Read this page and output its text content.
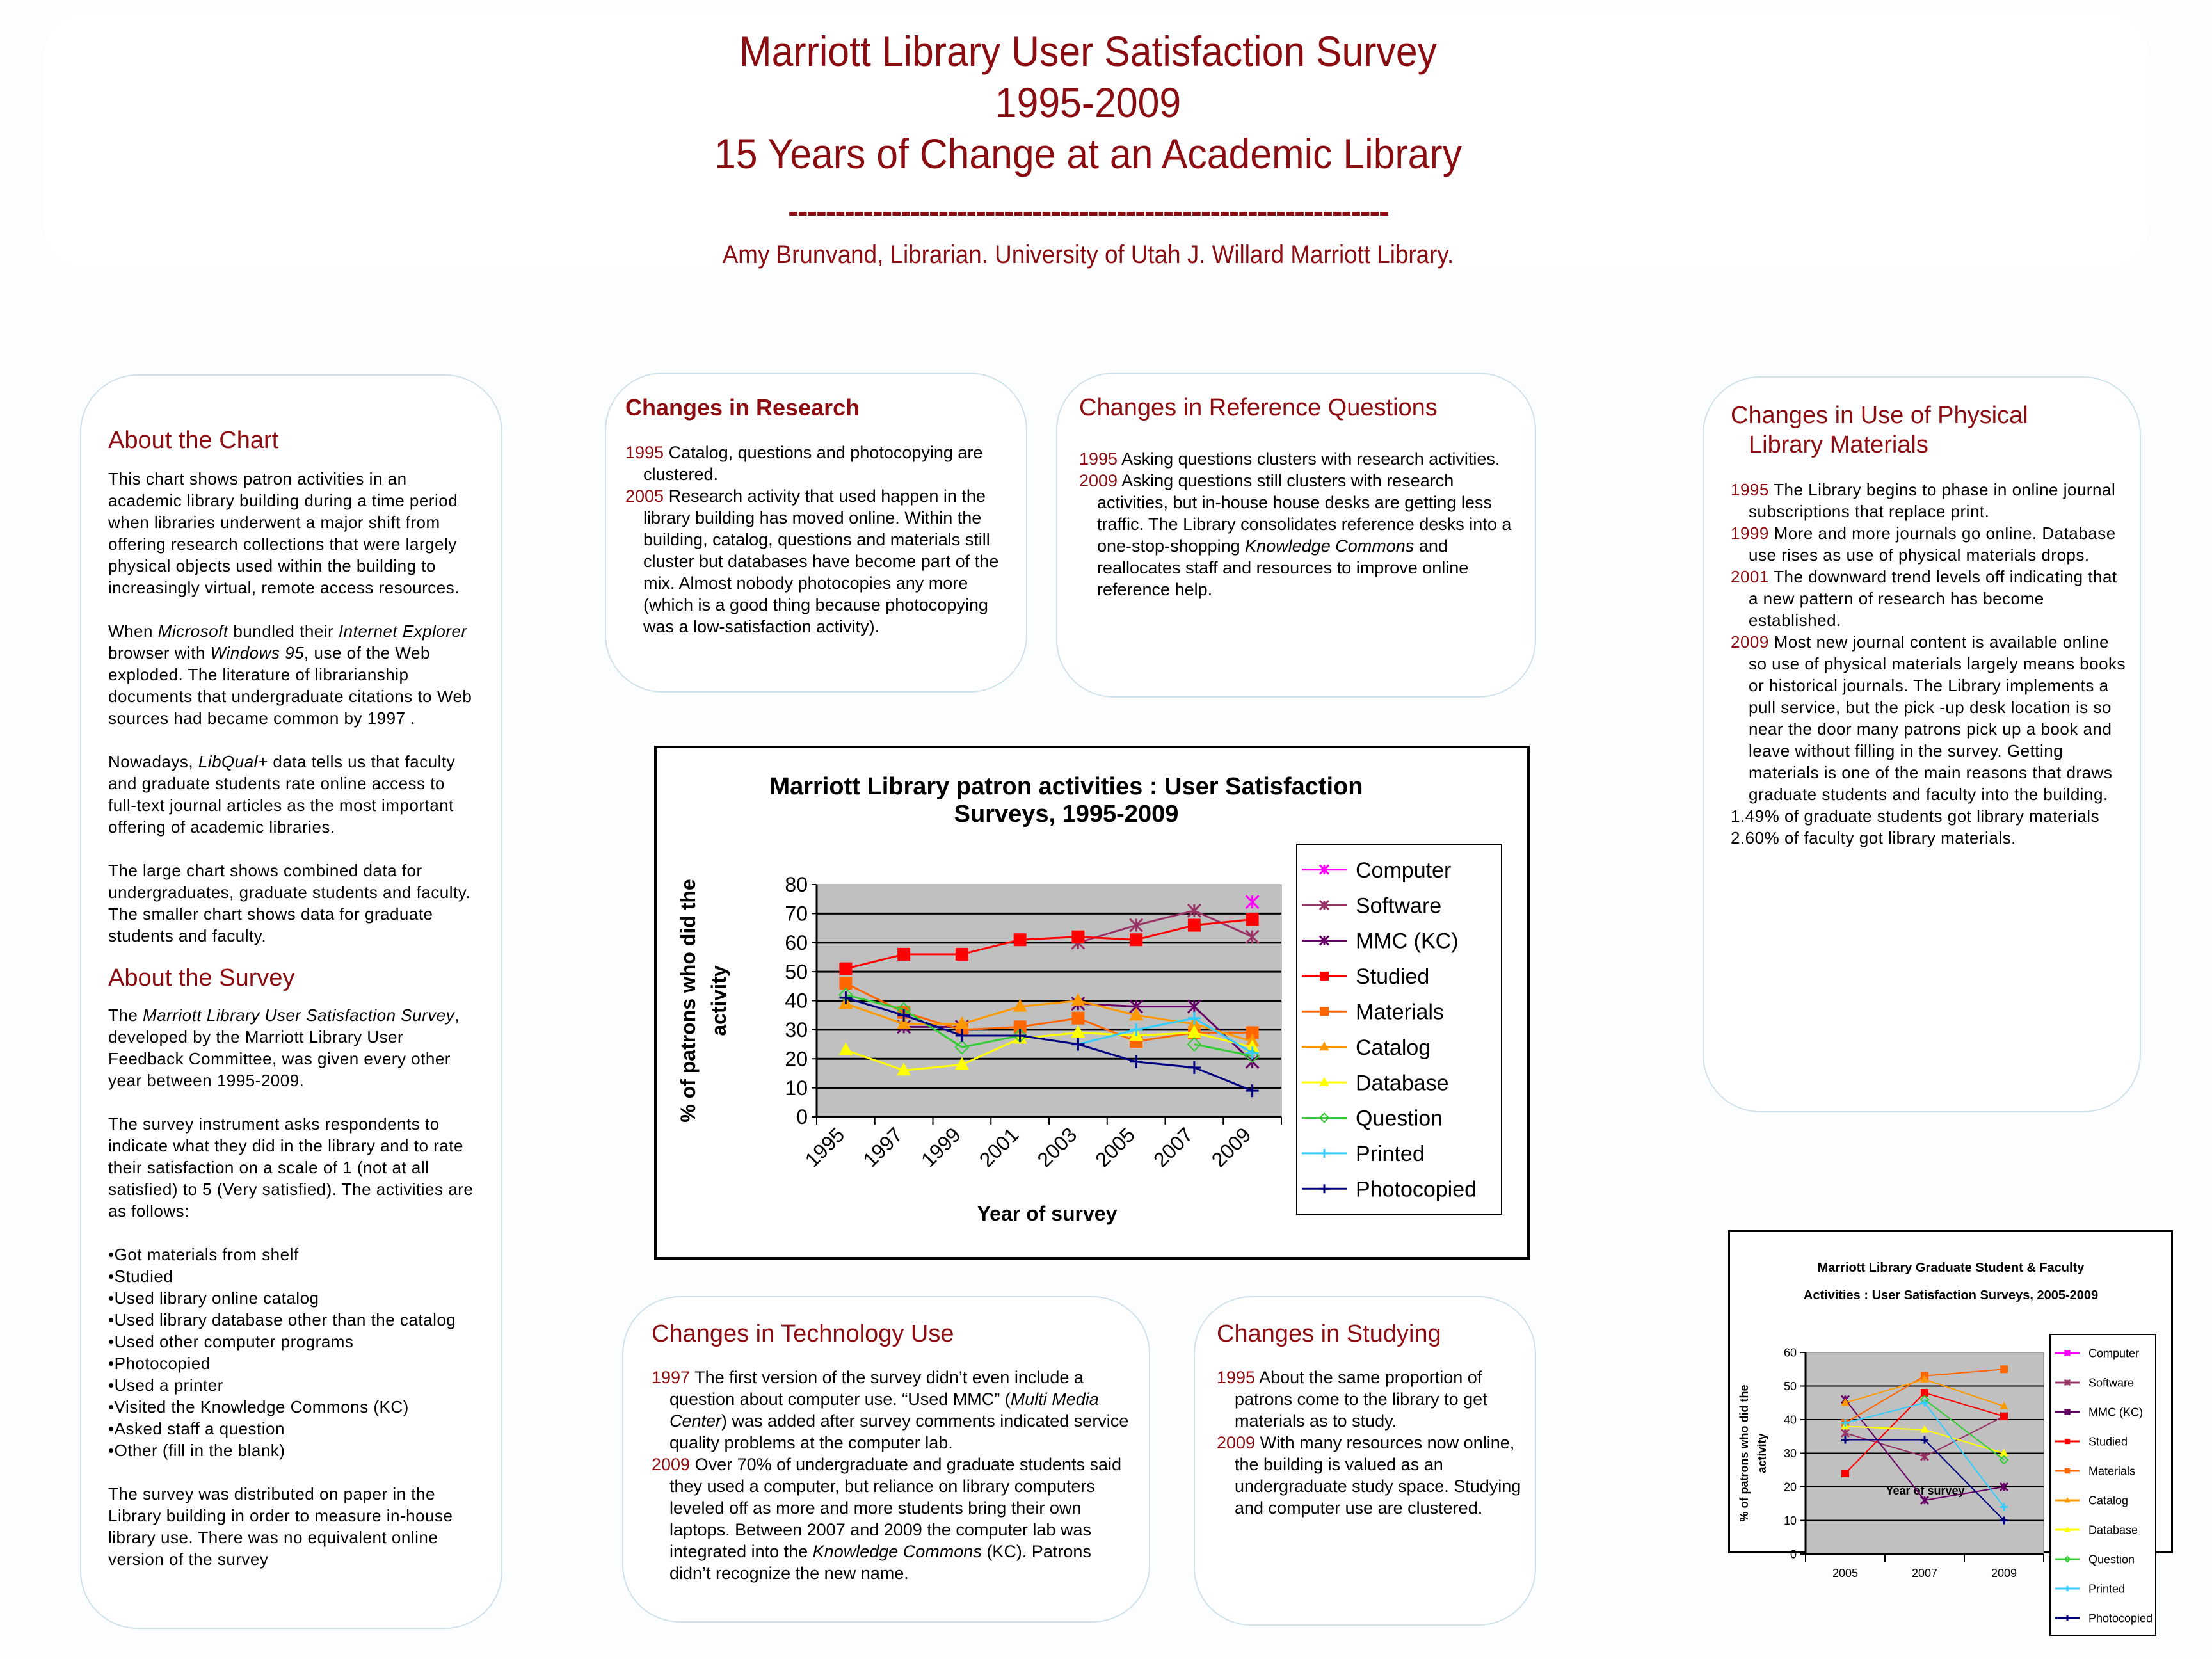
Marriott Library User Satisfaction Survey
1995-2009
15 Years of Change at an Academic Library
----------------------------------------------------------------
Amy Brunvand, Librarian. University of Utah J. Willard Marriott Library.
About the Chart

This chart shows patron activities in an academic library building during a time period when libraries underwent a major shift from offering research collections that were largely physical objects used within the building to increasingly virtual, remote access resources.

When Microsoft bundled their Internet Explorer browser with Windows 95, use of the Web exploded. The literature of librarianship documents that undergraduate citations to Web sources had became common by 1997 .

Nowadays, LibQual+ data tells us that faculty and graduate students rate online access to full-text journal articles as the most important offering of academic libraries.

The large chart shows combined data for undergraduates, graduate students and faculty. The smaller chart shows data for graduate students and faculty.

About the Survey

The Marriott Library User Satisfaction Survey, developed by the Marriott Library User Feedback Committee, was given every other year between 1995-2009.

The survey instrument asks respondents to indicate what they did in the library and to rate their satisfaction on a scale of 1 (not at all satisfied) to 5 (Very satisfied). The activities are as follows:

• Got materials from shelf
• Studied
• Used library online catalog
• Used library database other than the catalog
• Used other computer programs
• Photocopied
• Used a printer
• Visited the Knowledge Commons (KC)
• Asked staff a question
• Other (fill in the blank)

The survey was distributed on paper in the Library building in order to measure in-house library use. There was no equivalent online version of the survey

Changes in Research

1995 Catalog, questions and photocopying are clustered.

2005 Research activity that used happen in the library building has moved online. Within the building, catalog, questions and materials still cluster but databases have become part of the mix. Almost nobody photocopies any more (which is a good thing because photocopying was a low-satisfaction activity).

Changes in Reference Questions

1995 Asking questions clusters with research activities.

2009 Asking questions still clusters with research activities, but in-house house desks are getting less traffic. The Library consolidates reference desks into a one-stop-shopping Knowledge Commons and reallocates staff and resources to improve online reference help.

Changes in Use of Physical
Library Materials

1995 The Library begins to phase in online journal subscriptions that replace print.

1999 More and more journals go online. Database use rises as use of physical materials drops.

2001 The downward trend levels off indicating that a new pattern of research has become established.

2009 Most new journal content is available online so use of physical materials largely means books or historical journals. The Library implements a pull service, but the pick -up desk location is so near the door many patrons pick up a book and leave without filling in the survey. Getting materials is one of the main reasons that draws graduate students and faculty into the building.

1.49% of graduate students got library materials

2.60% of faculty got library materials.

Marriott Library patron activities : User Satisfaction
Surveys, 1995-2009
0
10
20
30
40
50
60
70
80
1995 1997 1999 2001 2003 2005 2007 2009
Year of survey
% of patrons who did the activity
Computer
Software
MMC (KC)
Studied
Materials
Catalog
Database
Question
Printed
Photocopied
Changes in Technology Use

1997 The first version of the survey didn’t even include a question about computer use. “Used MMC” (Multi Media Center) was added after survey comments indicated service quality problems at the computer lab.

2009 Over 70% of undergraduate and graduate students said they used a computer, but reliance on library computers leveled off as more and more students bring their own laptops. Between 2007 and 2009 the computer lab was integrated into the Knowledge Commons (KC). Patrons didn’t recognize the new name.

Changes in Studying

1995 About the same proportion of patrons come to the library to get materials as to study.

2009 With many resources now online, the building is valued as an undergraduate study space. Studying and computer use are clustered.

Marriott Library Graduate Student & Faculty
Activities : User Satisfaction Surveys, 2005-2009
0
10
20
30
40
50
60
2005	2007	2009
Year of survey
% of patrons who did the activity
Computer
Software
MMC (KC)
Studied
Materials
Catalog
Database
Question
Printed
Photocopied
